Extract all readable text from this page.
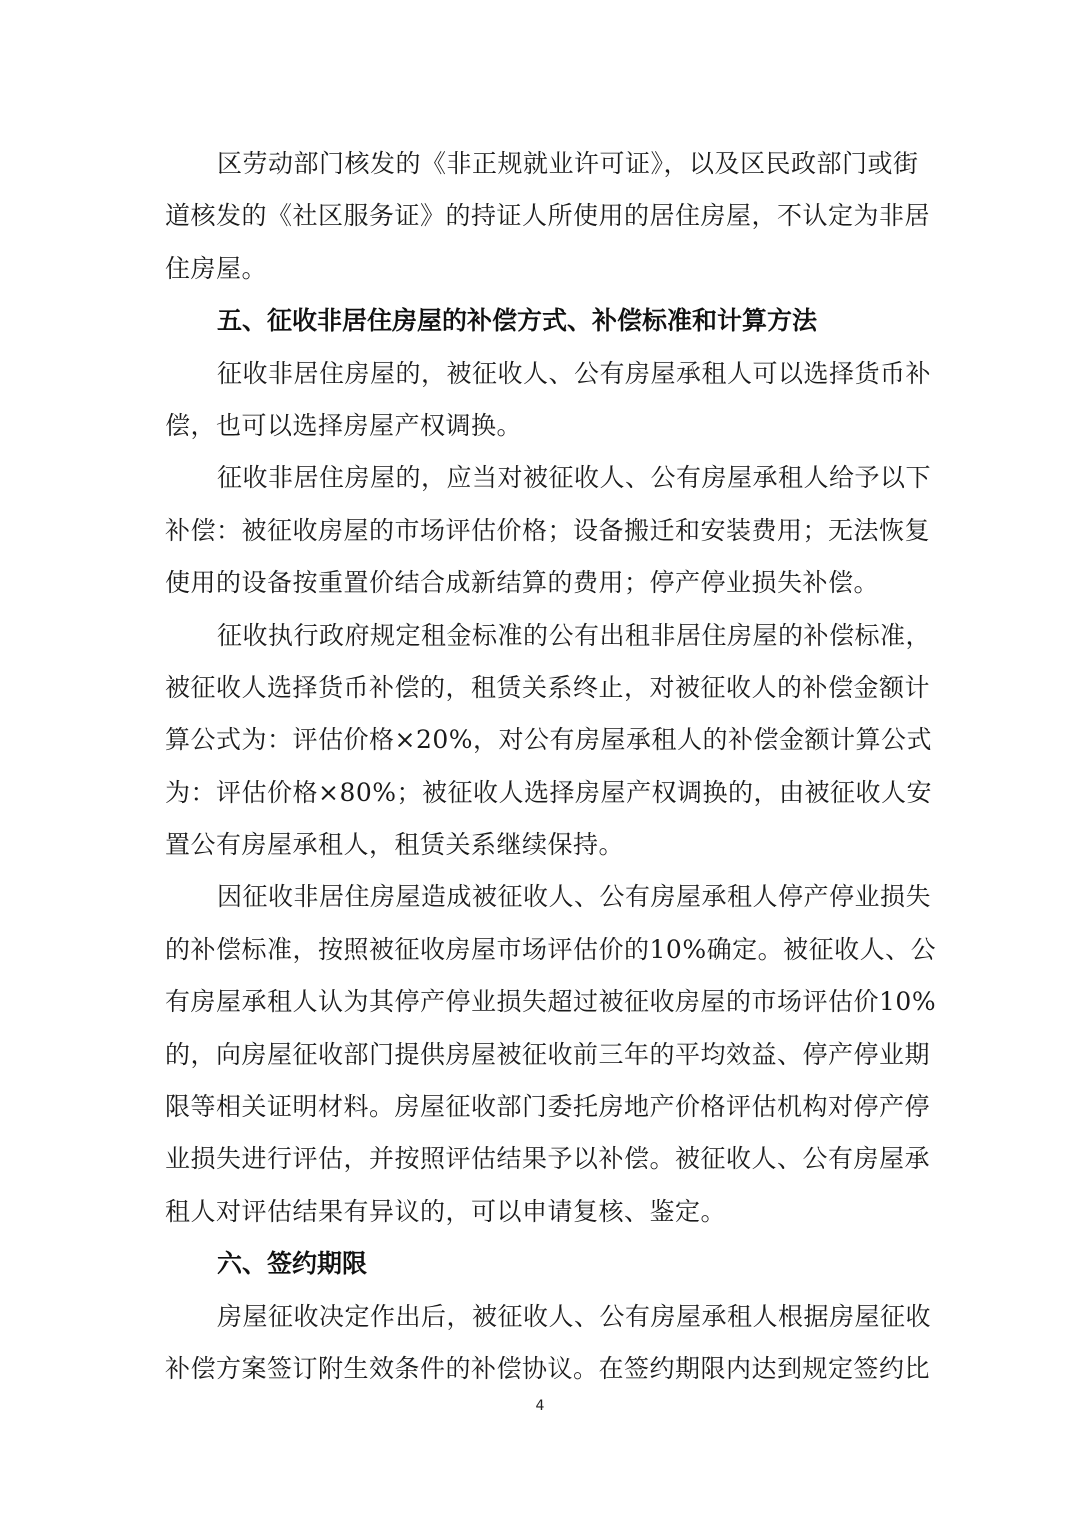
区劳动部门核发的《非正规就业许可证》，以及区民政部门或街
道核发的《社区服务证》的持证人所使用的居住房屋，不认定为非居
住房屋。
五、征收非居住房屋的补偿方式、补偿标准和计算方法
征收非居住房屋的，被征收人、公有房屋承租人可以选择货币补
偿，也可以选择房屋产权调换。
征收非居住房屋的，应当对被征收人、公有房屋承租人给予以下
补偿：被征收房屋的市场评估价格；设备搬迁和安装费用；无法恢复
使用的设备按重置价结合成新结算的费用；停产停业损失补偿。
征收执行政府规定租金标准的公有出租非居住房屋的补偿标准，
被征收人选择货币补偿的，租赁关系终止，对被征收人的补偿金额计
算公式为：评估价格×20%，对公有房屋承租人的补偿金额计算公式
为：评估价格×80%；被征收人选择房屋产权调换的，由被征收人安
置公有房屋承租人，租赁关系继续保持。
因征收非居住房屋造成被征收人、公有房屋承租人停产停业损失
的补偿标准，按照被征收房屋市场评估价的10%确定。被征收人、公
有房屋承租人认为其停产停业损失超过被征收房屋的市场评估价10%
的，向房屋征收部门提供房屋被征收前三年的平均效益、停产停业期
限等相关证明材料。房屋征收部门委托房地产价格评估机构对停产停
业损失进行评估，并按照评估结果予以补偿。被征收人、公有房屋承
租人对评估结果有异议的，可以申请复核、鉴定。
六、签约期限
房屋征收决定作出后，被征收人、公有房屋承租人根据房屋征收
补偿方案签订附生效条件的补偿协议。在签约期限内达到规定签约比
4
